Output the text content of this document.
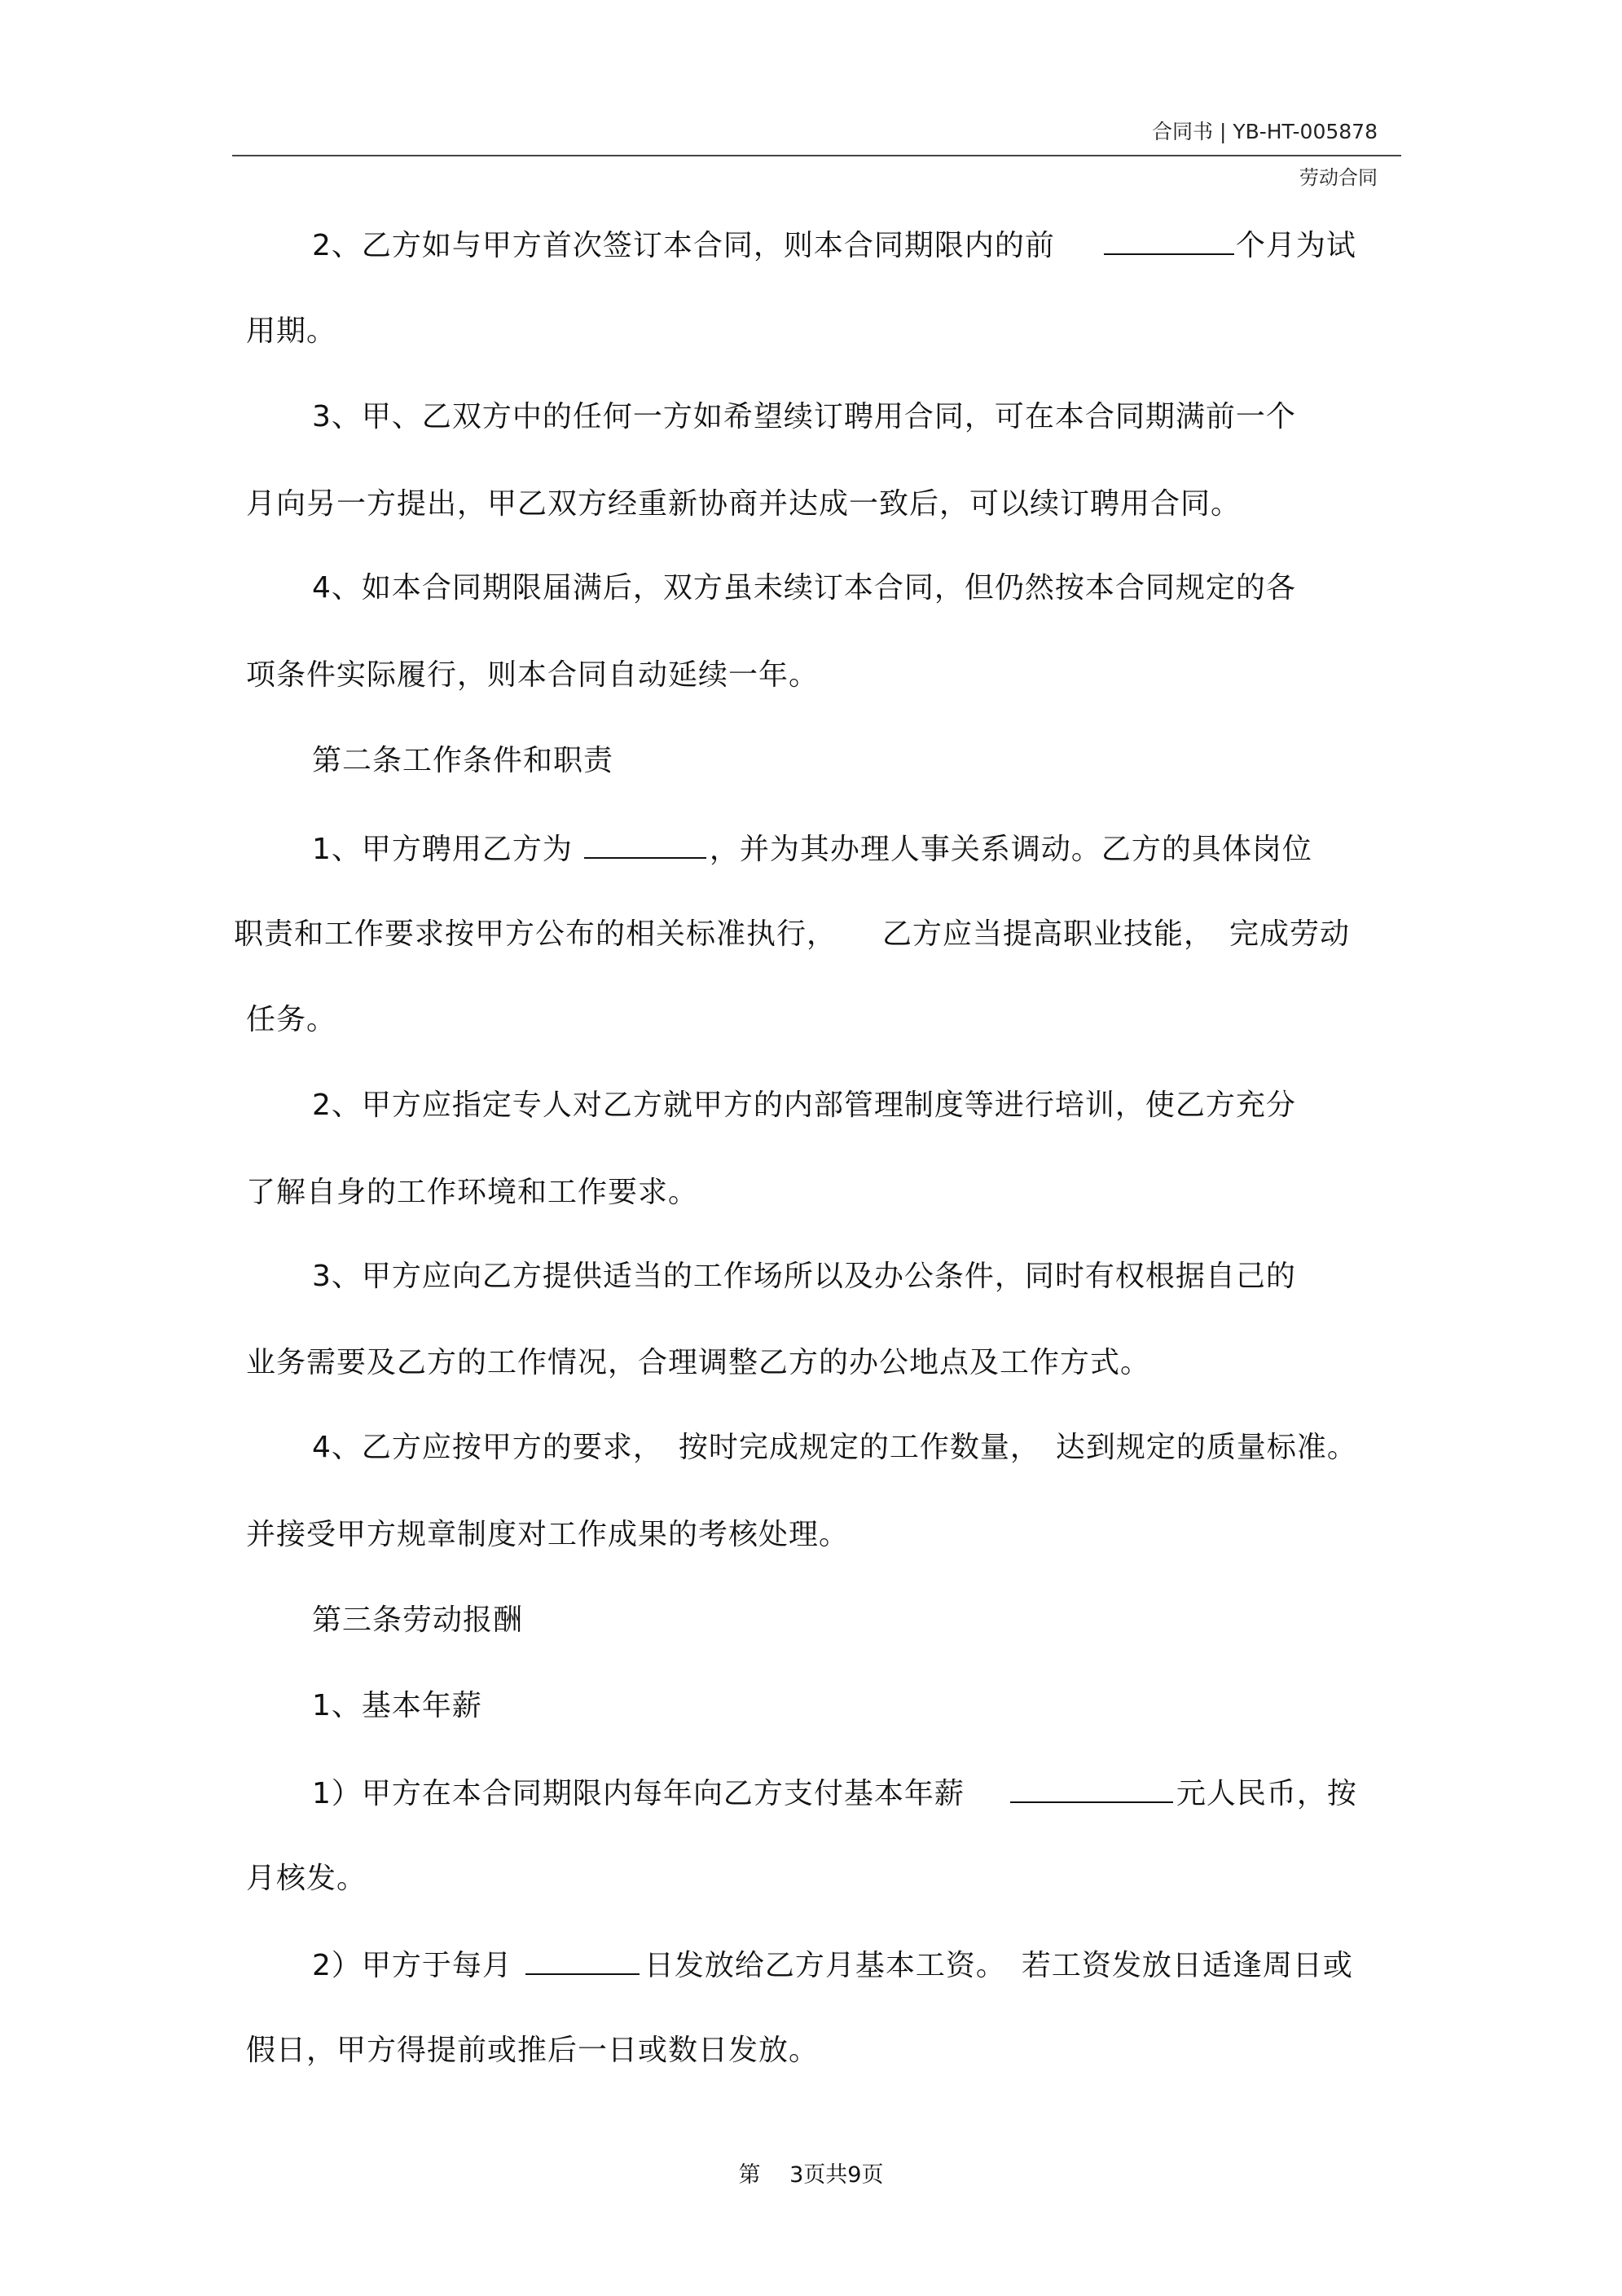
合同书 | YB-HT-005878
劳动合同
2、乙方如与甲方首次签订本合同，则本合同期限内的前	个月为试
用期。
3、甲、乙双方中的任何一方如希望续订聘用合同，可在本合同期满前一个
月向另一方提出，甲乙双方经重新协商并达成一致后，可以续订聘用合同。
4、如本合同期限届满后，双方虽未续订本合同，但仍然按本合同规定的各
项条件实际履行，则本合同自动延续一年。
第二条工作条件和职责
1、甲方聘用乙方为	，并为其办理人事关系调动。乙方的具体岗位
职责和工作要求按甲方公布的相关标准执行，　　乙方应当提高职业技能，　完成劳动
任务。
2、甲方应指定专人对乙方就甲方的内部管理制度等进行培训，使乙方充分
了解自身的工作环境和工作要求。
3、甲方应向乙方提供适当的工作场所以及办公条件，同时有权根据自己的
业务需要及乙方的工作情况，合理调整乙方的办公地点及工作方式。
4、乙方应按甲方的要求，　按时完成规定的工作数量，　达到规定的质量标准。
并接受甲方规章制度对工作成果的考核处理。
第三条劳动报酬
1、基本年薪
1）甲方在本合同期限内每年向乙方支付基本年薪	元人民币，按
月核发。
2）甲方于每月	日发放给乙方月基本工资。　若工资发放日适逢周日或
假日，甲方得提前或推后一日或数日发放。
第　 3页共9页
